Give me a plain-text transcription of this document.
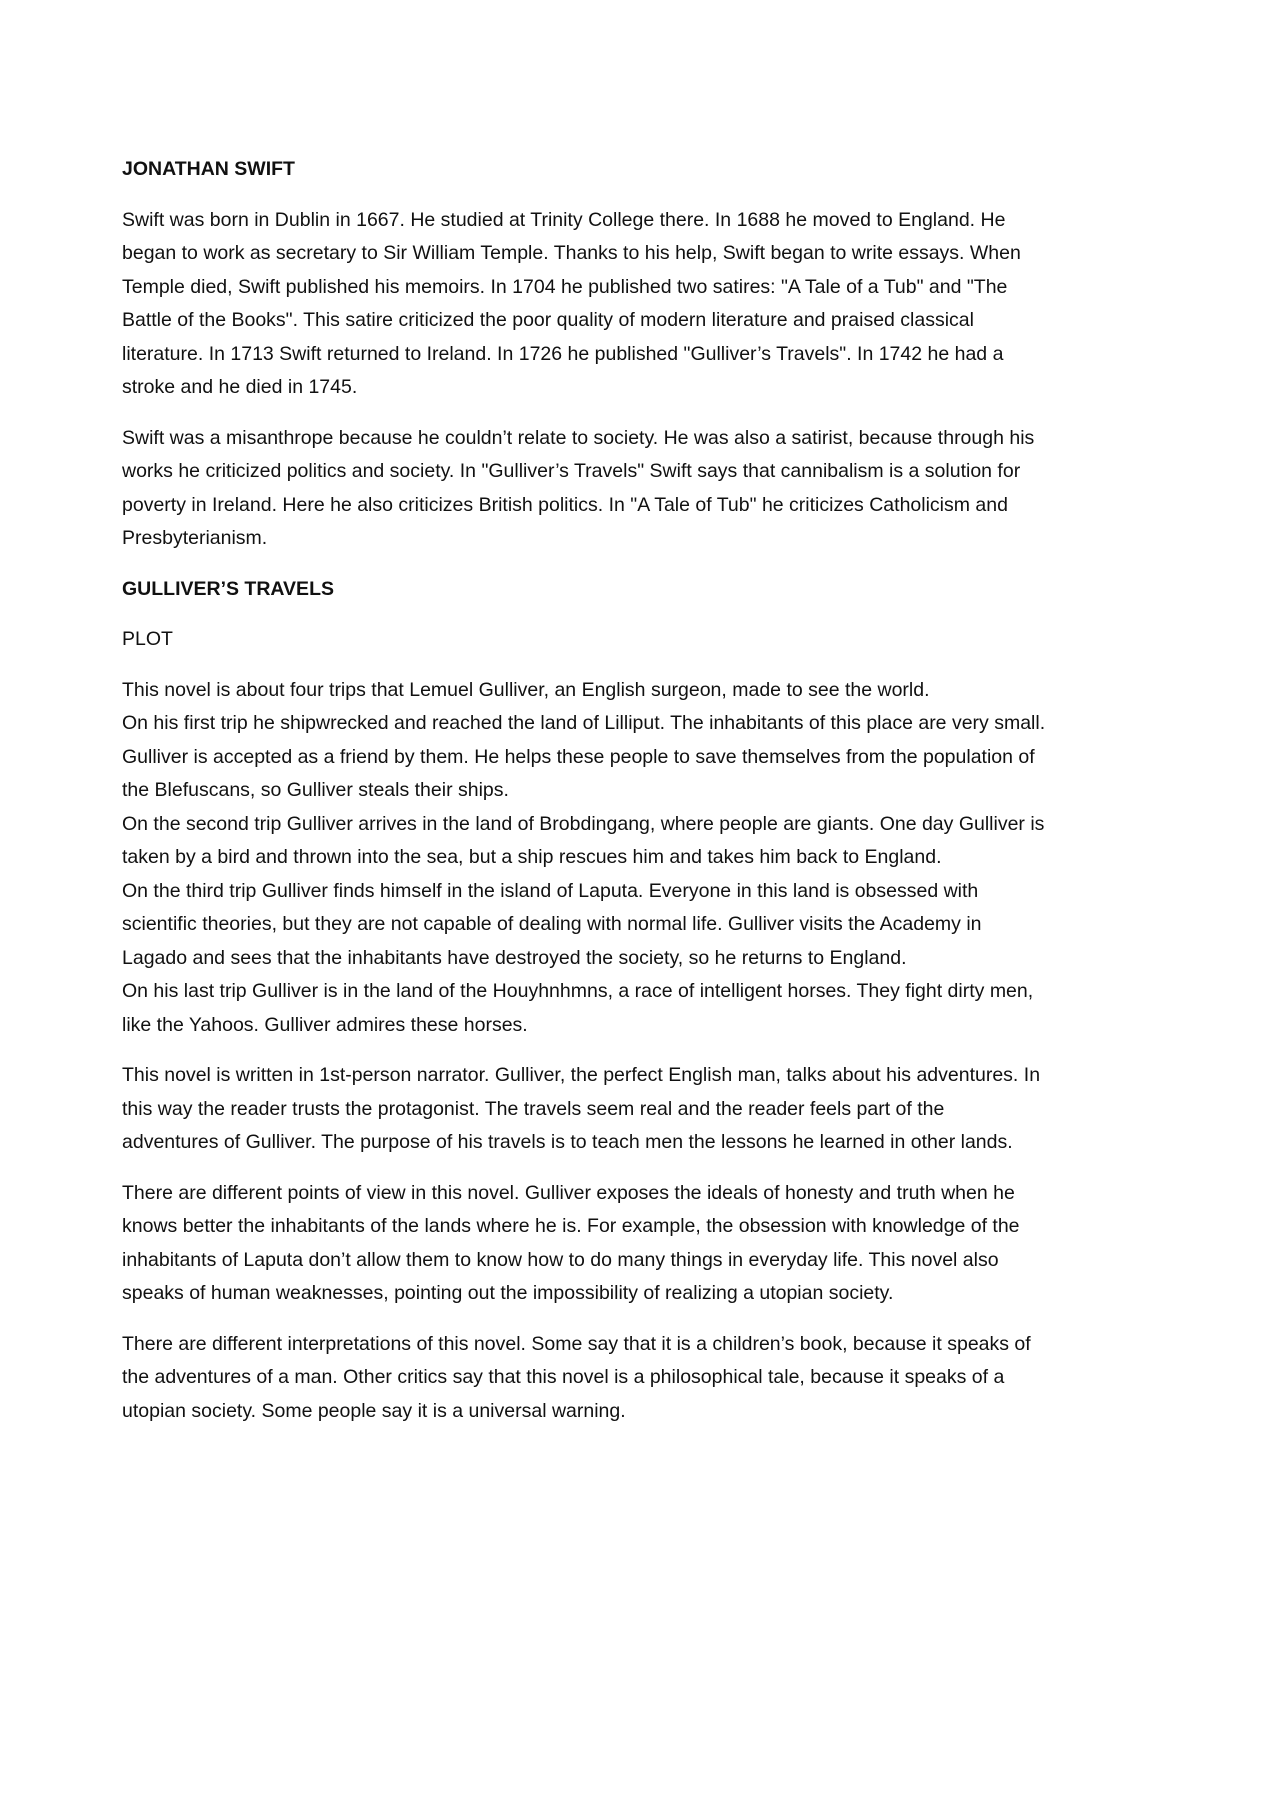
JONATHAN SWIFT
Swift was born in Dublin in 1667. He studied at Trinity College there. In 1688 he moved to England. He
began to work as secretary to Sir William Temple. Thanks to his help, Swift began to write essays. When
Temple died, Swift published his memoirs. In 1704 he published two satires: "A Tale of a Tub" and "The
Battle of the Books". This satire criticized the poor quality of modern literature and praised classical
literature. In 1713 Swift returned to Ireland. In 1726 he published "Gulliver’s Travels". In 1742 he had a
stroke and he died in 1745.
Swift was a misanthrope because he couldn’t relate to society. He was also a satirist, because through his
works he criticized politics and society. In "Gulliver’s Travels" Swift says that cannibalism is a solution for
poverty in Ireland. Here he also criticizes British politics. In "A Tale of Tub" he criticizes Catholicism and
Presbyterianism.
GULLIVER’S TRAVELS
PLOT
This novel is about four trips that Lemuel Gulliver, an English surgeon, made to see the world.
On his first trip he shipwrecked and reached the land of Lilliput. The inhabitants of this place are very small.
Gulliver is accepted as a friend by them. He helps these people to save themselves from the population of
the Blefuscans, so Gulliver steals their ships.
On the second trip Gulliver arrives in the land of Brobdingang, where people are giants. One day Gulliver is
taken by a bird and thrown into the sea, but a ship rescues him and takes him back to England.
On the third trip Gulliver finds himself in the island of Laputa. Everyone in this land is obsessed with
scientific theories, but they are not capable of dealing with normal life. Gulliver visits the Academy in
Lagado and sees that the inhabitants have destroyed the society, so he returns to England.
On his last trip Gulliver is in the land of the Houyhnhmns, a race of intelligent horses. They fight dirty men,
like the Yahoos. Gulliver admires these horses.
This novel is written in 1st-person narrator. Gulliver, the perfect English man, talks about his adventures. In
this way the reader trusts the protagonist. The travels seem real and the reader feels part of the
adventures of Gulliver. The purpose of his travels is to teach men the lessons he learned in other lands.
There are different points of view in this novel. Gulliver exposes the ideals of honesty and truth when he
knows better the inhabitants of the lands where he is. For example, the obsession with knowledge of the
inhabitants of Laputa don’t allow them to know how to do many things in everyday life. This novel also
speaks of human weaknesses, pointing out the impossibility of realizing a utopian society.
There are different interpretations of this novel. Some say that it is a children’s book, because it speaks of
the adventures of a man. Other critics say that this novel is a philosophical tale, because it speaks of a
utopian society. Some people say it is a universal warning.
